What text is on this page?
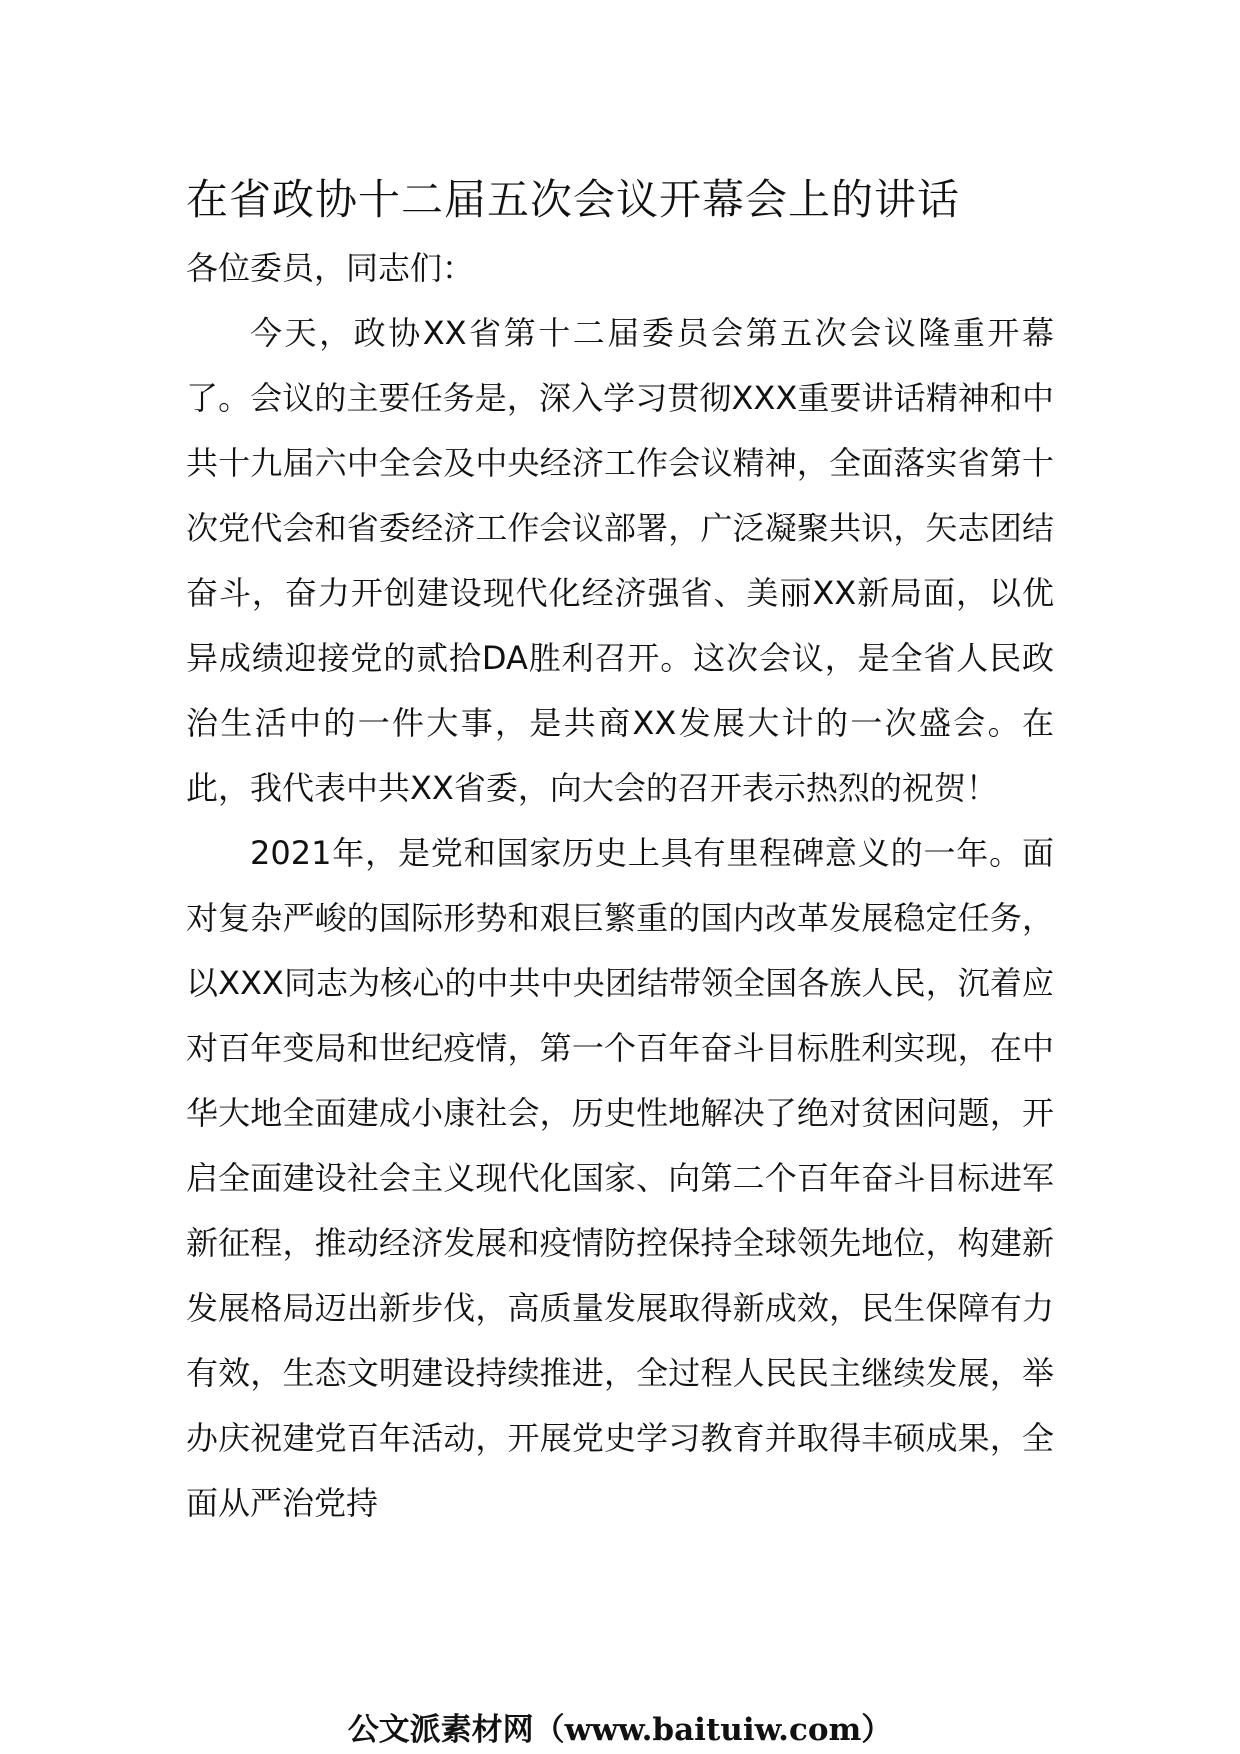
在省政协十二届五次会议开幕会上的讲话

各位委员，同志们：

今天，政协XX省第十二届委员会第五次会议隆重开幕了。会议的主要任务是，深入学习贯彻XXX重要讲话精神和中共十九届六中全会及中央经济工作会议精神，全面落实省第十次党代会和省委经济工作会议部署，广泛凝聚共识，矢志团结奋斗，奋力开创建设现代化经济强省、美丽XX新局面，以优异成绩迎接党的贰拾DA胜利召开。这次会议，是全省人民政治生活中的一件大事，是共商XX发展大计的一次盛会。在此，我代表中共XX省委，向大会的召开表示热烈的祝贺！

2021年，是党和国家历史上具有里程碑意义的一年。面对复杂严峻的国际形势和艰巨繁重的国内改革发展稳定任务，以XXX同志为核心的中共中央团结带领全国各族人民，沉着应对百年变局和世纪疫情，第一个百年奋斗目标胜利实现，在中华大地全面建成小康社会，历史性地解决了绝对贫困问题，开启全面建设社会主义现代化国家、向第二个百年奋斗目标进军新征程，推动经济发展和疫情防控保持全球领先地位，构建新发展格局迈出新步伐，高质量发展取得新成效，民生保障有力有效，生态文明建设持续推进，全过程人民民主继续发展，举办庆祝建党百年活动，开展党史学习教育并取得丰硕成果，全面从严治党持

公文派素材网（www.baituiw.com）
